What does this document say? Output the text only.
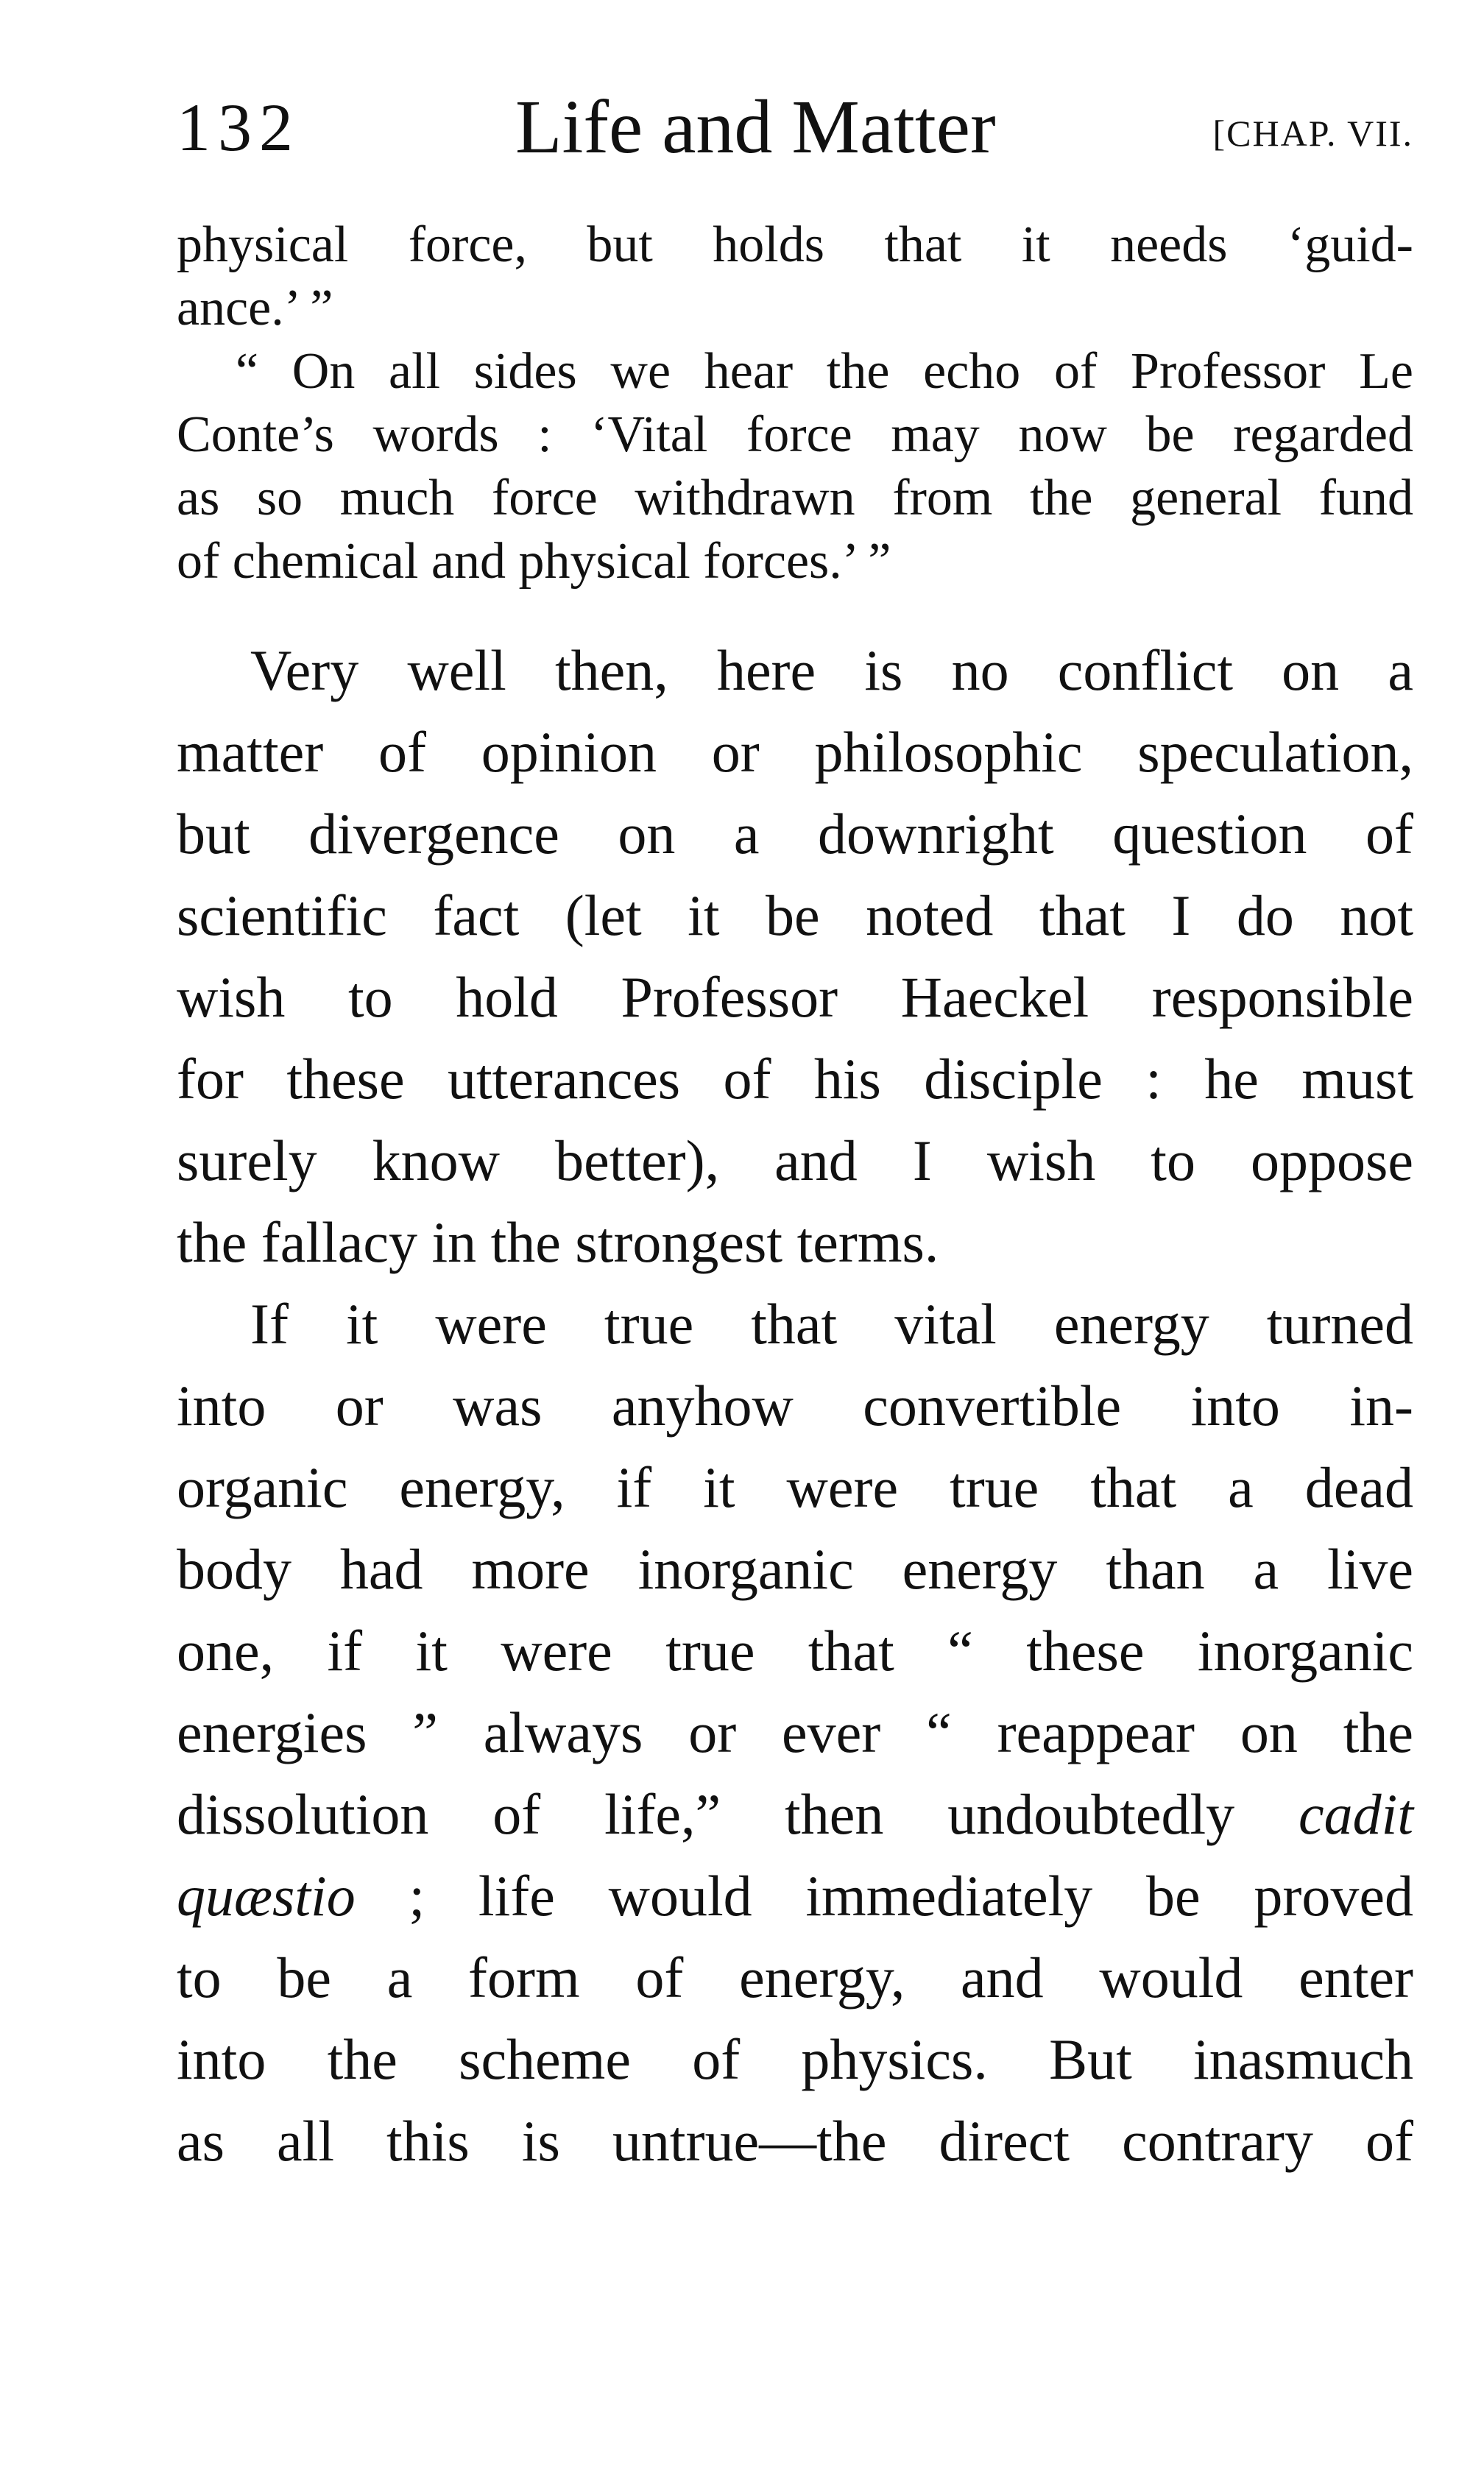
132	Life and Matter	[CHAP. VII.
physical force, but holds that it needs ‘guid-
ance.’ ”
“ On all sides we hear the echo of Professor Le
Conte’s words : ‘Vital force may now be regarded
as so much force withdrawn from the general fund
of chemical and physical forces.’ ”
Very well then, here is no conflict on a
matter of opinion or philosophic speculation,
but divergence on a downright question of
scientific fact (let it be noted that I do not
wish to hold Professor Haeckel responsible
for these utterances of his disciple : he must
surely know better), and I wish to oppose
the fallacy in the strongest terms.
If it were true that vital energy turned
into or was anyhow convertible into in-
organic energy, if it were true that a dead
body had more inorganic energy than a live
one, if it were true that “ these inorganic
energies ” always or ever “ reappear on the
dissolution of life,” then undoubtedly cadit
quæstio ; life would immediately be proved
to be a form of energy, and would enter
into the scheme of physics. But inasmuch
as all this is untrue—the direct contrary of
